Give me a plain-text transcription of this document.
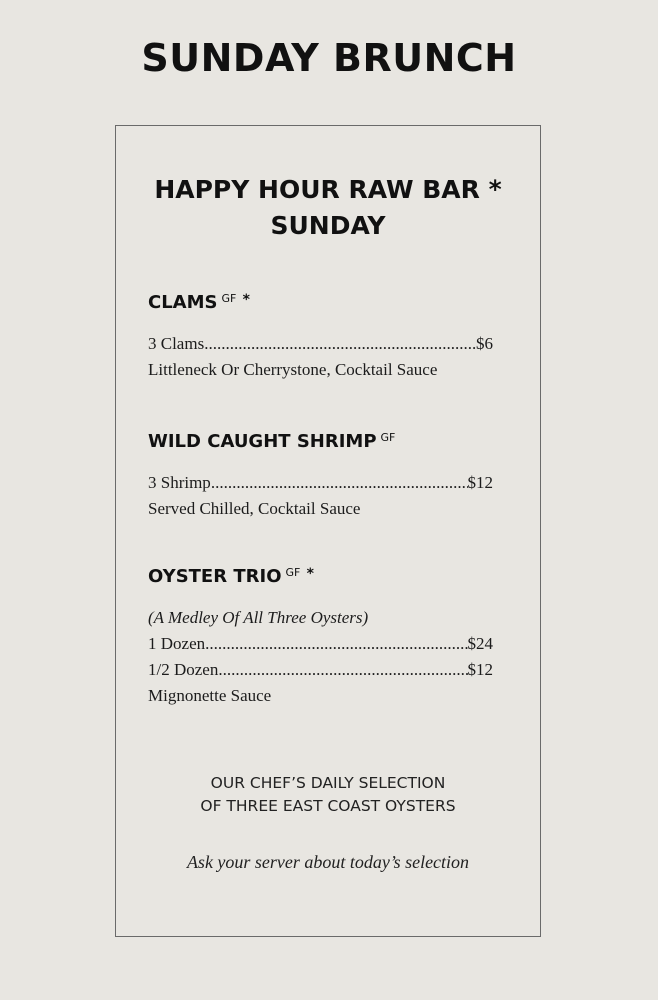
SUNDAY BRUNCH
HAPPY HOUR RAW BAR *
SUNDAY
CLAMS $^{GF}$ *
3 Clams .....	$6
Littleneck Or Cherrystone, Cocktail Sauce
WILD CAUGHT SHRIMP $^{GF}$
3 Shrimp .....	$12
Served Chilled, Cocktail Sauce
OYSTER TRIO $^{GF}$ *
(A Medley Of All Three Oysters)
1 Dozen .....	$24
1/2 Dozen .....	$12
Mignonette Sauce
OUR CHEF’S DAILY SELECTION
OF THREE EAST COAST OYSTERS
Ask your server about today’s selection
